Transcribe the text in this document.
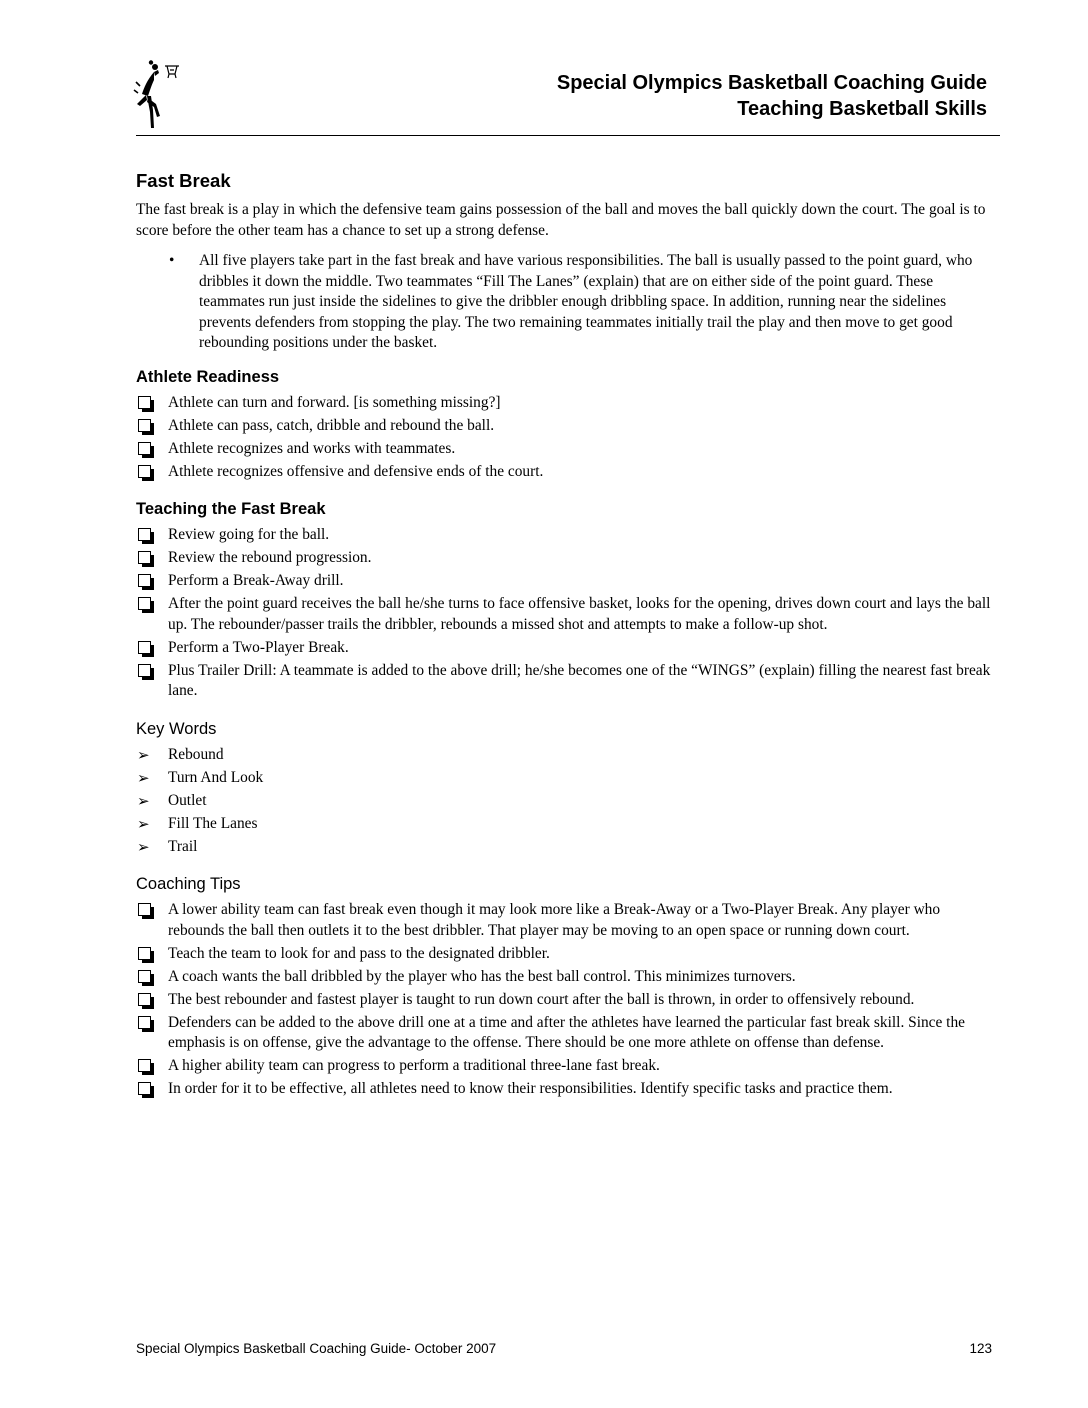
Special Olympics Basketball Coaching Guide
Teaching Basketball Skills
Fast Break

The fast break is a play in which the defensive team gains possession of the ball and moves the ball quickly down the court. The goal is to score before the other team has a chance to set up a strong defense.

• All five players take part in the fast break and have various responsibilities. The ball is usually passed to the point guard, who dribbles it down the middle. Two teammates “Fill The Lanes” (explain) that are on either side of the point guard. These teammates run just inside the sidelines to give the dribbler enough dribbling space. In addition, running near the sidelines prevents defenders from stopping the play. The two remaining teammates initially trail the play and then move to get good rebounding positions under the basket.
Athlete Readiness
Athlete can turn and forward. [is something missing?]
Athlete can pass, catch, dribble and rebound the ball.
Athlete recognizes and works with teammates.
Athlete recognizes offensive and defensive ends of the court.
Teaching the Fast Break
Review going for the ball.
Review the rebound progression.
Perform a Break-Away drill.
After the point guard receives the ball he/she turns to face offensive basket, looks for the opening, drives down court and lays the ball up. The rebounder/passer trails the dribbler, rebounds a missed shot and attempts to make a follow-up shot.
Perform a Two-Player Break.
Plus Trailer Drill: A teammate is added to the above drill; he/she becomes one of the “WINGS” (explain) filling the nearest fast break lane.
Key Words
➢ Rebound
➢ Turn And Look
➢ Outlet
➢ Fill The Lanes
➢ Trail
Coaching Tips
A lower ability team can fast break even though it may look more like a Break-Away or a Two-Player Break. Any player who rebounds the ball then outlets it to the best dribbler. That player may be moving to an open space or running down court.
Teach the team to look for and pass to the designated dribbler.
A coach wants the ball dribbled by the player who has the best ball control. This minimizes turnovers.
The best rebounder and fastest player is taught to run down court after the ball is thrown, in order to offensively rebound.
Defenders can be added to the above drill one at a time and after the athletes have learned the particular fast break skill. Since the emphasis is on offense, give the advantage to the offense. There should be one more athlete on offense than defense.
A higher ability team can progress to perform a traditional three-lane fast break.
In order for it to be effective, all athletes need to know their responsibilities. Identify specific tasks and practice them.
Special Olympics Basketball Coaching Guide- October 2007	123
